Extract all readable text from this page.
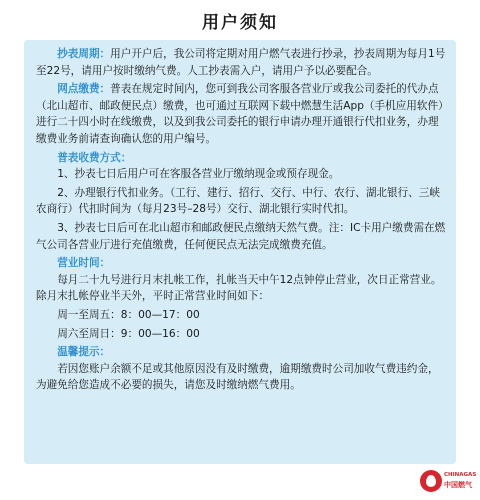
用户须知

抄表周期：用户开户后，我公司将定期对用户燃气表进行抄录，抄表周期为每月1号至22号，请用户按时缴纳气费。人工抄表需入户，请用户予以必要配合。

网点缴费：普表在规定时间内，您可到我公司客服各营业厅或我公司委托的代办点（北山超市、邮政便民点）缴费，也可通过互联网下载中燃慧生活App（手机应用软件）进行二十四小时在线缴费，以及到我公司委托的银行申请办理开通银行代扣业务，办理缴费业务前请查询确认您的用户编号。

普表收费方式：

1、抄表七日后用户可在客服各营业厅缴纳现金或预存现金。

2、办理银行代扣业务。（工行、建行、招行、交行、中行、农行、湖北银行、三峡农商行）代扣时间为（每月23号–28号）交行、湖北银行实时代扣。

3、抄表七日后可在北山超市和邮政便民点缴纳天然气费。注：IC卡用户缴费需在燃气公司各营业厅进行充值缴费，任何便民点无法完成缴费充值。

营业时间：

每月二十九号进行月末扎帐工作，扎帐当天中午12点钟停止营业，次日正常营业。除月末扎帐停业半天外，平时正常营业时间如下：

周一至周五：8：00—17：00

周六至周日：9：00—16：00

温馨提示：

若因您账户余额不足或其他原因没有及时缴费，逾期缴费时公司加收气费违约金，为避免给您造成不必要的损失，请您及时缴纳燃气费用。

CHINAGAS
中国燃气
